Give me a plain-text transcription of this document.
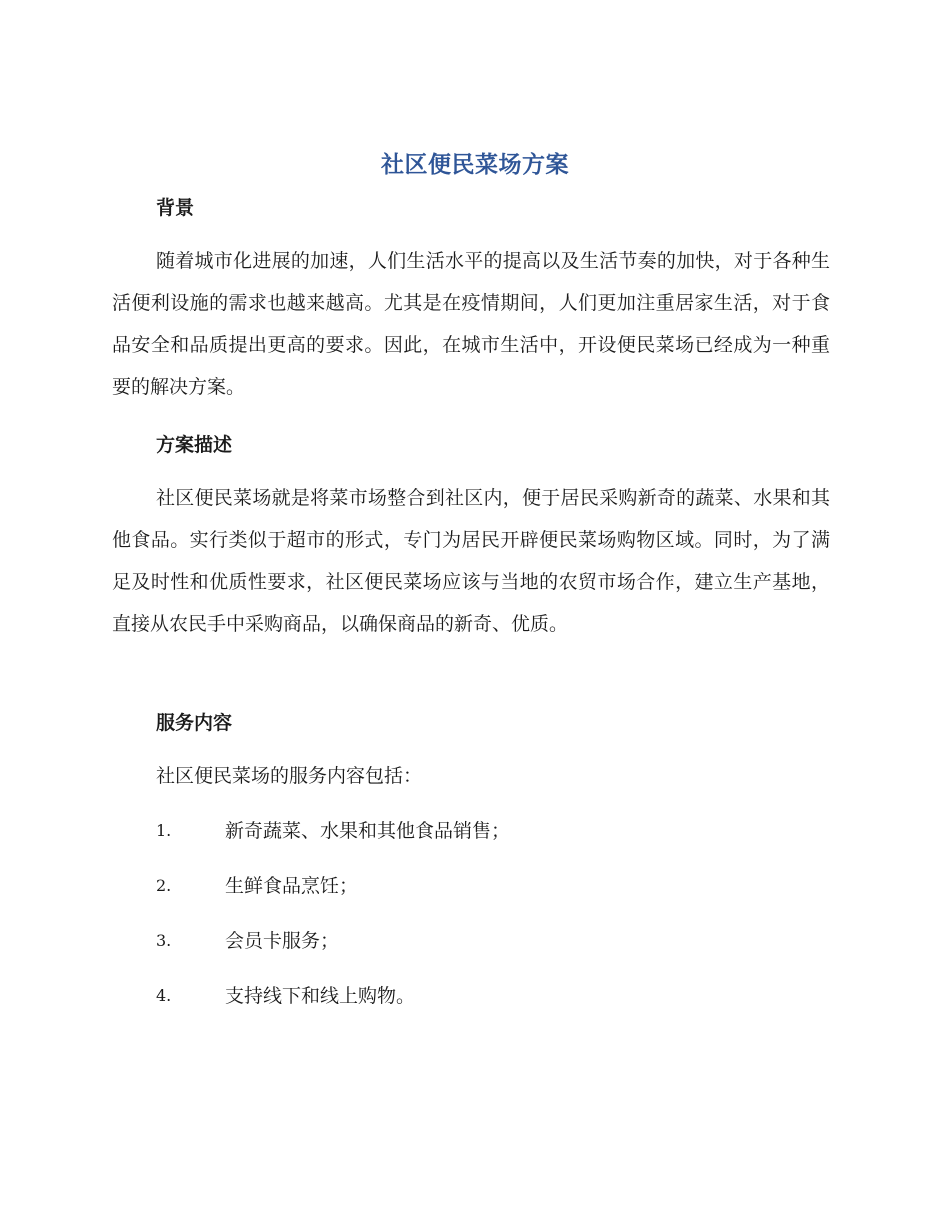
社区便民菜场方案
背景

随着城市化进展的加速，人们生活水平的提高以及生活节奏的加快，对于各种生活便利设施的需求也越来越高。尤其是在疫情期间，人们更加注重居家生活，对于食品安全和品质提出更高的要求。因此，在城市生活中，开设便民菜场已经成为一种重要的解决方案。

方案描述

社区便民菜场就是将菜市场整合到社区内，便于居民采购新奇的蔬菜、水果和其他食品。实行类似于超市的形式，专门为居民开辟便民菜场购物区域。同时，为了满足及时性和优质性要求，社区便民菜场应该与当地的农贸市场合作，建立生产基地，直接从农民手中采购商品，以确保商品的新奇、优质。

服务内容

社区便民菜场的服务内容包括：

1.	新奇蔬菜、水果和其他食品销售；
2.	生鲜食品烹饪；
3.	会员卡服务；
4.	支持线下和线上购物。
